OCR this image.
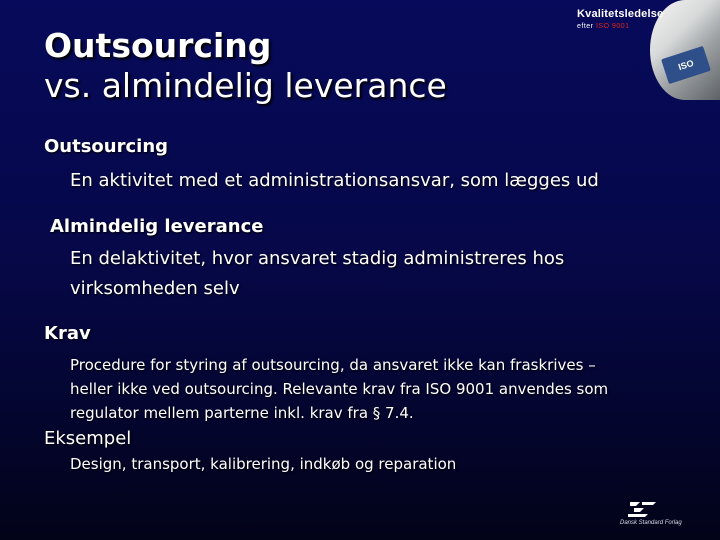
Outsourcing
vs. almindelig leverance
ISO
Kvalitetsledelse
efter ISO 9001
Outsourcing
En aktivitet med et administrationsansvar, som lægges ud
Almindelig leverance
En delaktivitet, hvor ansvaret stadig administreres hos virksomheden selv
Krav
Procedure for styring af outsourcing, da ansvaret ikke kan fraskrives – heller ikke ved outsourcing. Relevante krav fra ISO 9001 anvendes som regulator mellem parterne inkl. krav fra § 7.4.
Eksempel
Design, transport, kalibrering, indkøb og reparation
Dansk Standard Forlag
